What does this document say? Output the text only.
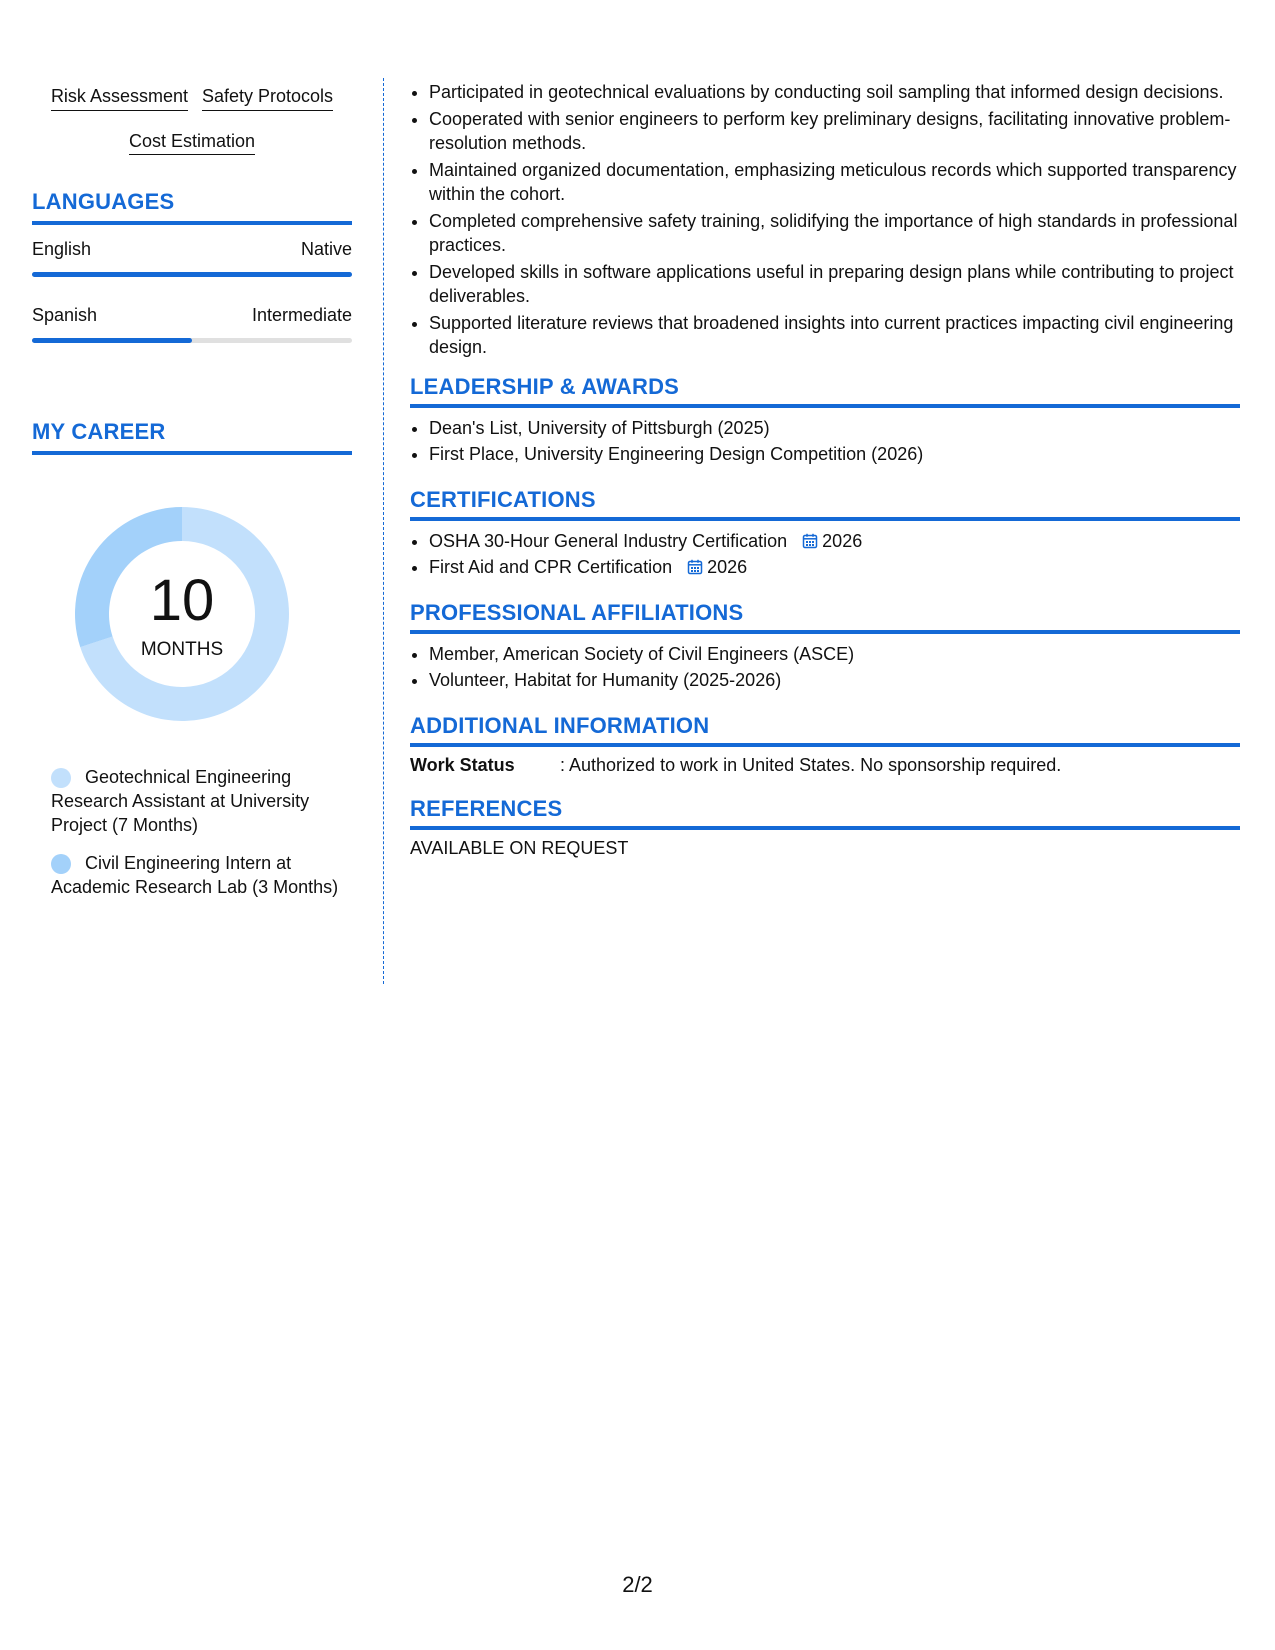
Risk Assessment Safety Protocols
Cost Estimation
LANGUAGES
English	Native
Spanish	Intermediate
MY CAREER
10
MONTHS
Geotechnical Engineering Research Assistant at University Project (7 Months)
Civil Engineering Intern at Academic Research Lab (3 Months)
• Participated in geotechnical evaluations by conducting soil sampling that informed design decisions.
• Cooperated with senior engineers to perform key preliminary designs, facilitating innovative problem-resolution methods.
• Maintained organized documentation, emphasizing meticulous records which supported transparency within the cohort.
• Completed comprehensive safety training, solidifying the importance of high standards in professional practices.
• Developed skills in software applications useful in preparing design plans while contributing to project deliverables.
• Supported literature reviews that broadened insights into current practices impacting civil engineering design.
LEADERSHIP & AWARDS
• Dean's List, University of Pittsburgh (2025)
• First Place, University Engineering Design Competition (2026)
CERTIFICATIONS
• OSHA 30-Hour General Industry Certification 2026
• First Aid and CPR Certification 2026
PROFESSIONAL AFFILIATIONS
• Member, American Society of Civil Engineers (ASCE)
• Volunteer, Habitat for Humanity (2025-2026)
ADDITIONAL INFORMATION
Work Status	: Authorized to work in United States. No sponsorship required.
REFERENCES
AVAILABLE ON REQUEST
2/2
